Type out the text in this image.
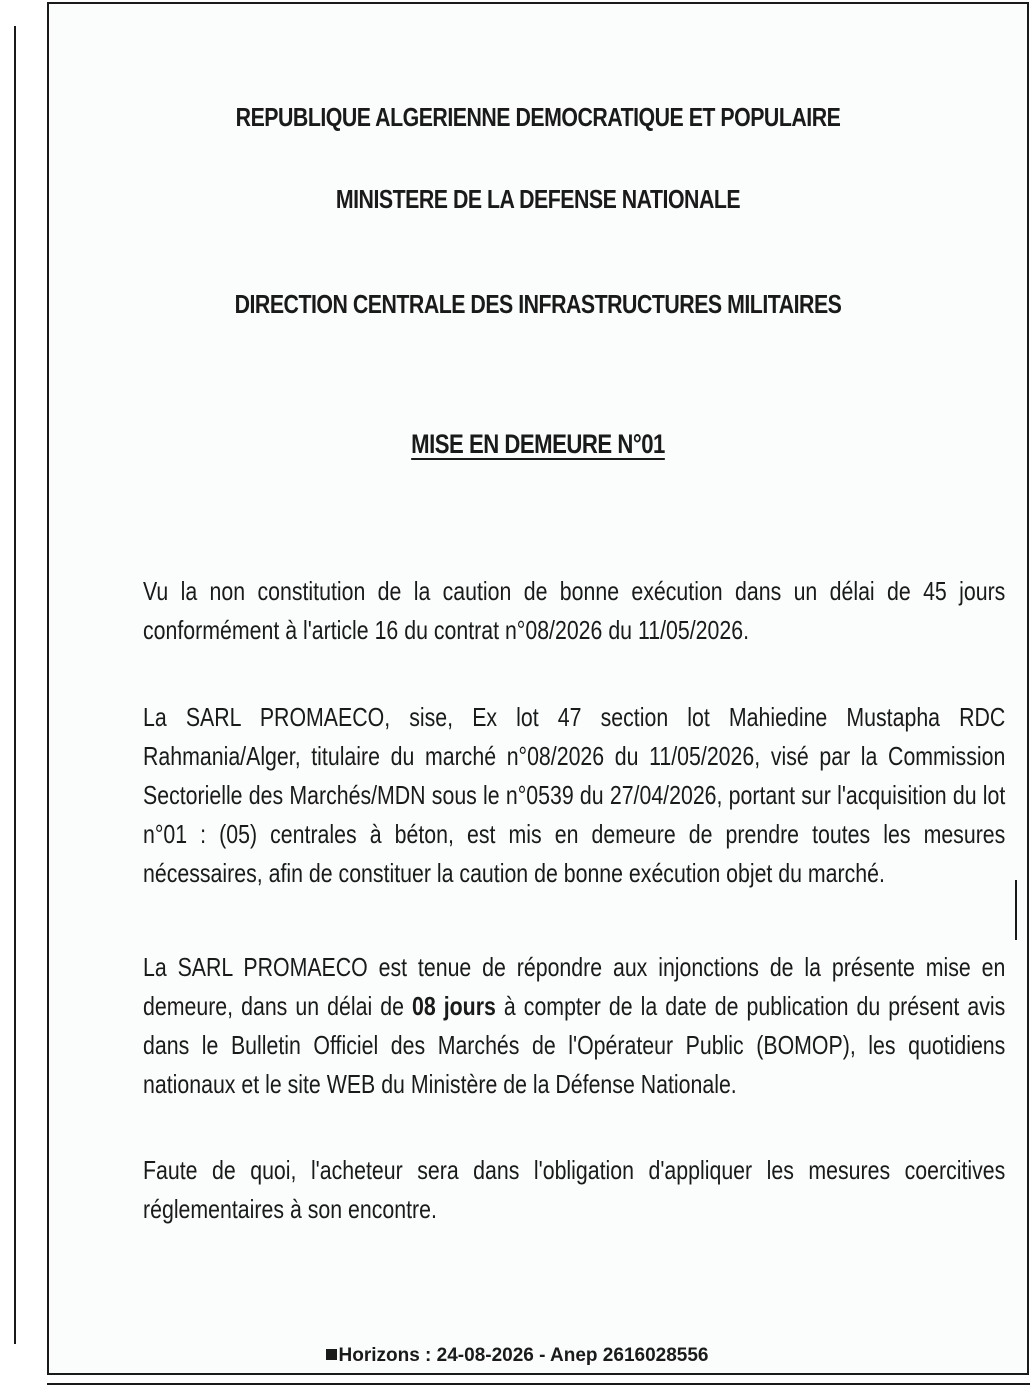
REPUBLIQUE ALGERIENNE DEMOCRATIQUE ET POPULAIRE
MINISTERE DE LA DEFENSE NATIONALE
DIRECTION CENTRALE DES INFRASTRUCTURES MILITAIRES
MISE EN DEMEURE N°01

Vu la non constitution de la caution de bonne exécution dans un délai de 45 jours conformément à l'article 16 du contrat n°08/2026 du 11/05/2026.

La SARL PROMAECO, sise, Ex lot 47 section lot Mahiedine Mustapha RDC Rahmania/Alger, titulaire du marché n°08/2026 du 11/05/2026, visé par la Commission Sectorielle des Marchés/MDN sous le n°0539 du 27/04/2026, portant sur l'acquisition du lot n°01 : (05) centrales à béton, est mis en demeure de prendre toutes les mesures nécessaires, afin de constituer la caution de bonne exécution objet du marché.

La SARL PROMAECO est tenue de répondre aux injonctions de la présente mise en demeure, dans un délai de 08 jours à compter de la date de publication du présent avis dans le Bulletin Officiel des Marchés de l'Opérateur Public (BOMOP), les quotidiens nationaux et le site WEB du Ministère de la Défense Nationale.

Faute de quoi, l'acheteur sera dans l'obligation d'appliquer les mesures coercitives réglementaires à son encontre.

Horizons : 24-08-2026 - Anep 2616028556
